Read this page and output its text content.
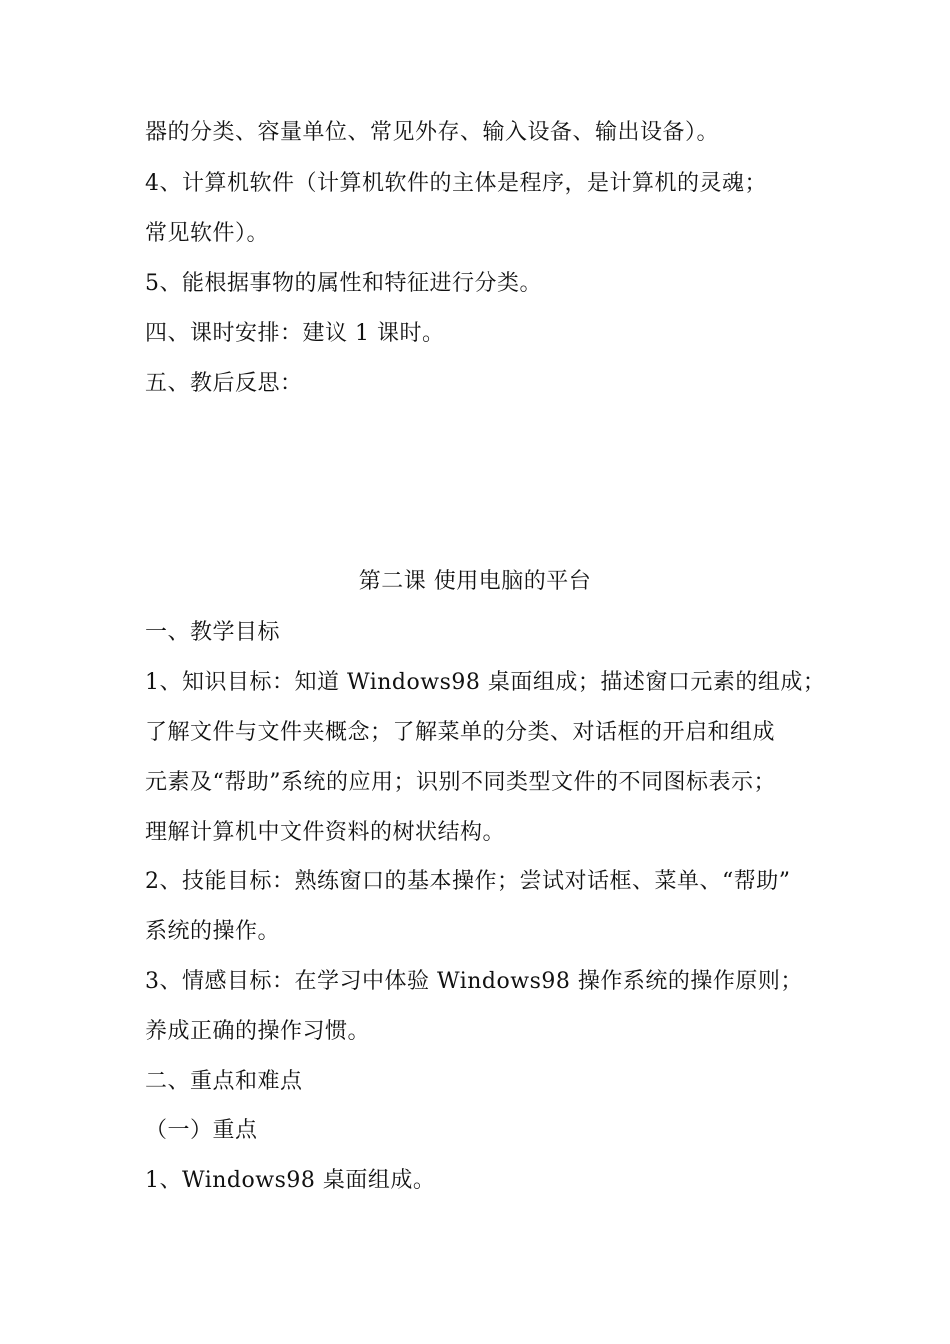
器的分类、容量单位、常见外存、输入设备、输出设备）。
4、计算机软件（计算机软件的主体是程序，是计算机的灵魂；
常见软件）。
5、能根据事物的属性和特征进行分类。
四、课时安排：建议 1 课时。
五、教后反思：
第二课 使用电脑的平台
一、教学目标
1、知识目标：知道 Windows98 桌面组成；描述窗口元素的组成；
了解文件与文件夹概念；了解菜单的分类、对话框的开启和组成
元素及“帮助”系统的应用；识别不同类型文件的不同图标表示；
理解计算机中文件资料的树状结构。
2、技能目标：熟练窗口的基本操作；尝试对话框、菜单、“帮助”
系统的操作。
3、情感目标：在学习中体验 Windows98 操作系统的操作原则；
养成正确的操作习惯。
二、重点和难点
（一）重点
1、Windows98 桌面组成。
